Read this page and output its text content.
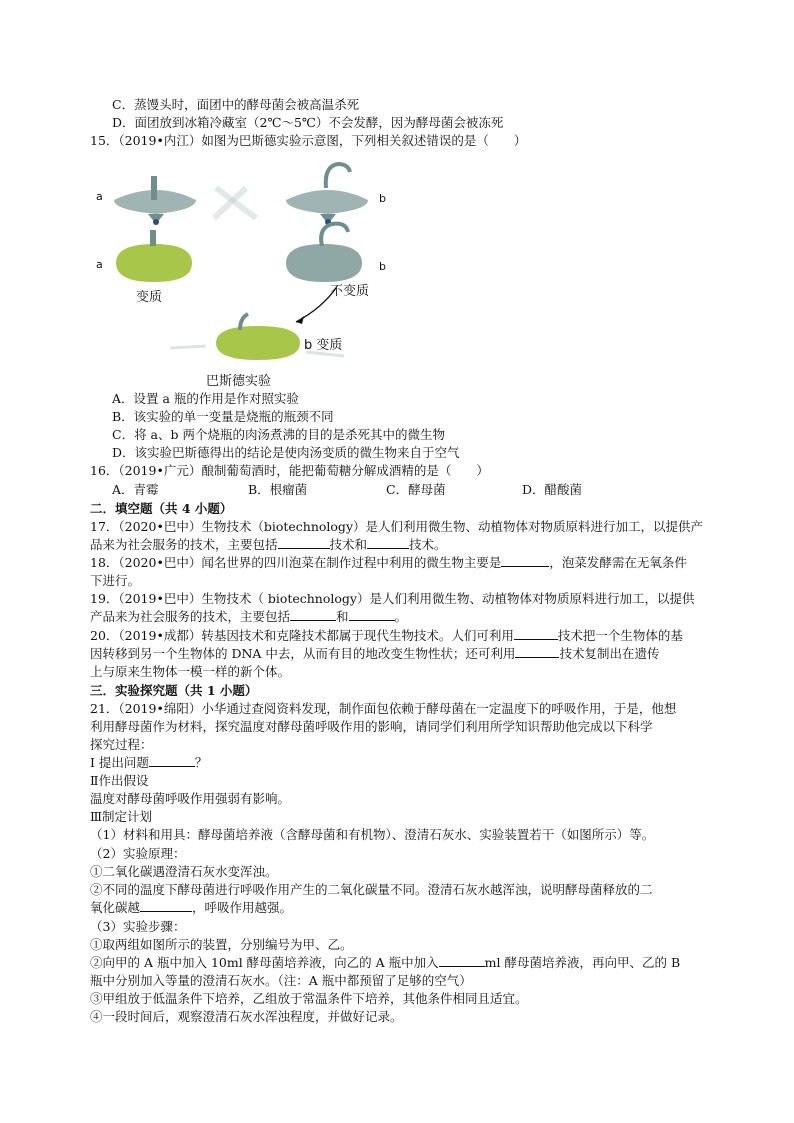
C．蒸馒头时，面团中的酵母菌会被高温杀死
D．面团放到冰箱冷藏室（2℃～5℃）不会发酵，因为酵母菌会被冻死
15．（2019•内江）如图为巴斯德实验示意图，下列相关叙述错误的是（　　）
a	b
a	b
变质	不变质
b 变质
巴斯德实验
A．设置 a 瓶的作用是作对照实验
B．该实验的单一变量是烧瓶的瓶颈不同
C．将 a、b 两个烧瓶的肉汤煮沸的目的是杀死其中的微生物
D．该实验巴斯德得出的结论是使肉汤变质的微生物来自于空气
16．（2019•广元）酿制葡萄酒时，能把葡萄糖分解成酒精的是（　　）
A．青霉	B．根瘤菌	C．酵母菌	D．醋酸菌
二．填空题（共 4 小题）
17．（2020•巴中）生物技术（biotechnology）是人们利用微生物、动植物体对物质原料进行加工，以提供产
品来为社会服务的技术，主要包括	技术和	技术。
18．（2020•巴中）闻名世界的四川泡菜在制作过程中利用的微生物主要是	，泡菜发酵需在无氧条件
下进行。
19．（2019•巴中）生物技术（ biotechnology）是人们利用微生物、动植物体对物质原料进行加工，以提供
产品来为社会服务的技术，主要包括	和	。
20．（2019•成都）转基因技术和克隆技术都属于现代生物技术。人们可利用	技术把一个生物体的基
因转移到另一个生物体的 DNA 中去，从而有目的地改变生物性状；还可利用	技术复制出在遗传
上与原来生物体一模一样的新个体。
三．实验探究题（共 1 小题）
21．（2019•绵阳）小华通过查阅资料发现，制作面包依赖于酵母菌在一定温度下的呼吸作用，于是，他想
利用酵母菌作为材料，探究温度对酵母菌呼吸作用的影响，请同学们利用所学知识帮助他完成以下科学
探究过程：
I 提出问题	？
Ⅱ作出假设
温度对酵母菌呼吸作用强弱有影响。
Ⅲ制定计划
（1）材料和用具：酵母菌培养液（含酵母菌和有机物）、澄清石灰水、实验装置若干（如图所示）等。
（2）实验原理：
①二氧化碳遇澄清石灰水变浑浊。
②不同的温度下酵母菌进行呼吸作用产生的二氧化碳量不同。澄清石灰水越浑浊，说明酵母菌释放的二
氧化碳越	，呼吸作用越强。
（3）实验步骤：
①取两组如图所示的装置，分别编号为甲、乙。
②向甲的 A 瓶中加入 10ml 酵母菌培养液，向乙的 A 瓶中加入	ml 酵母菌培养液，再向甲、乙的 B
瓶中分别加入等量的澄清石灰水。（注：A 瓶中都预留了足够的空气）
③甲组放于低温条件下培养，乙组放于常温条件下培养，其他条件相同且适宜。
④一段时间后，观察澄清石灰水浑浊程度，并做好记录。
